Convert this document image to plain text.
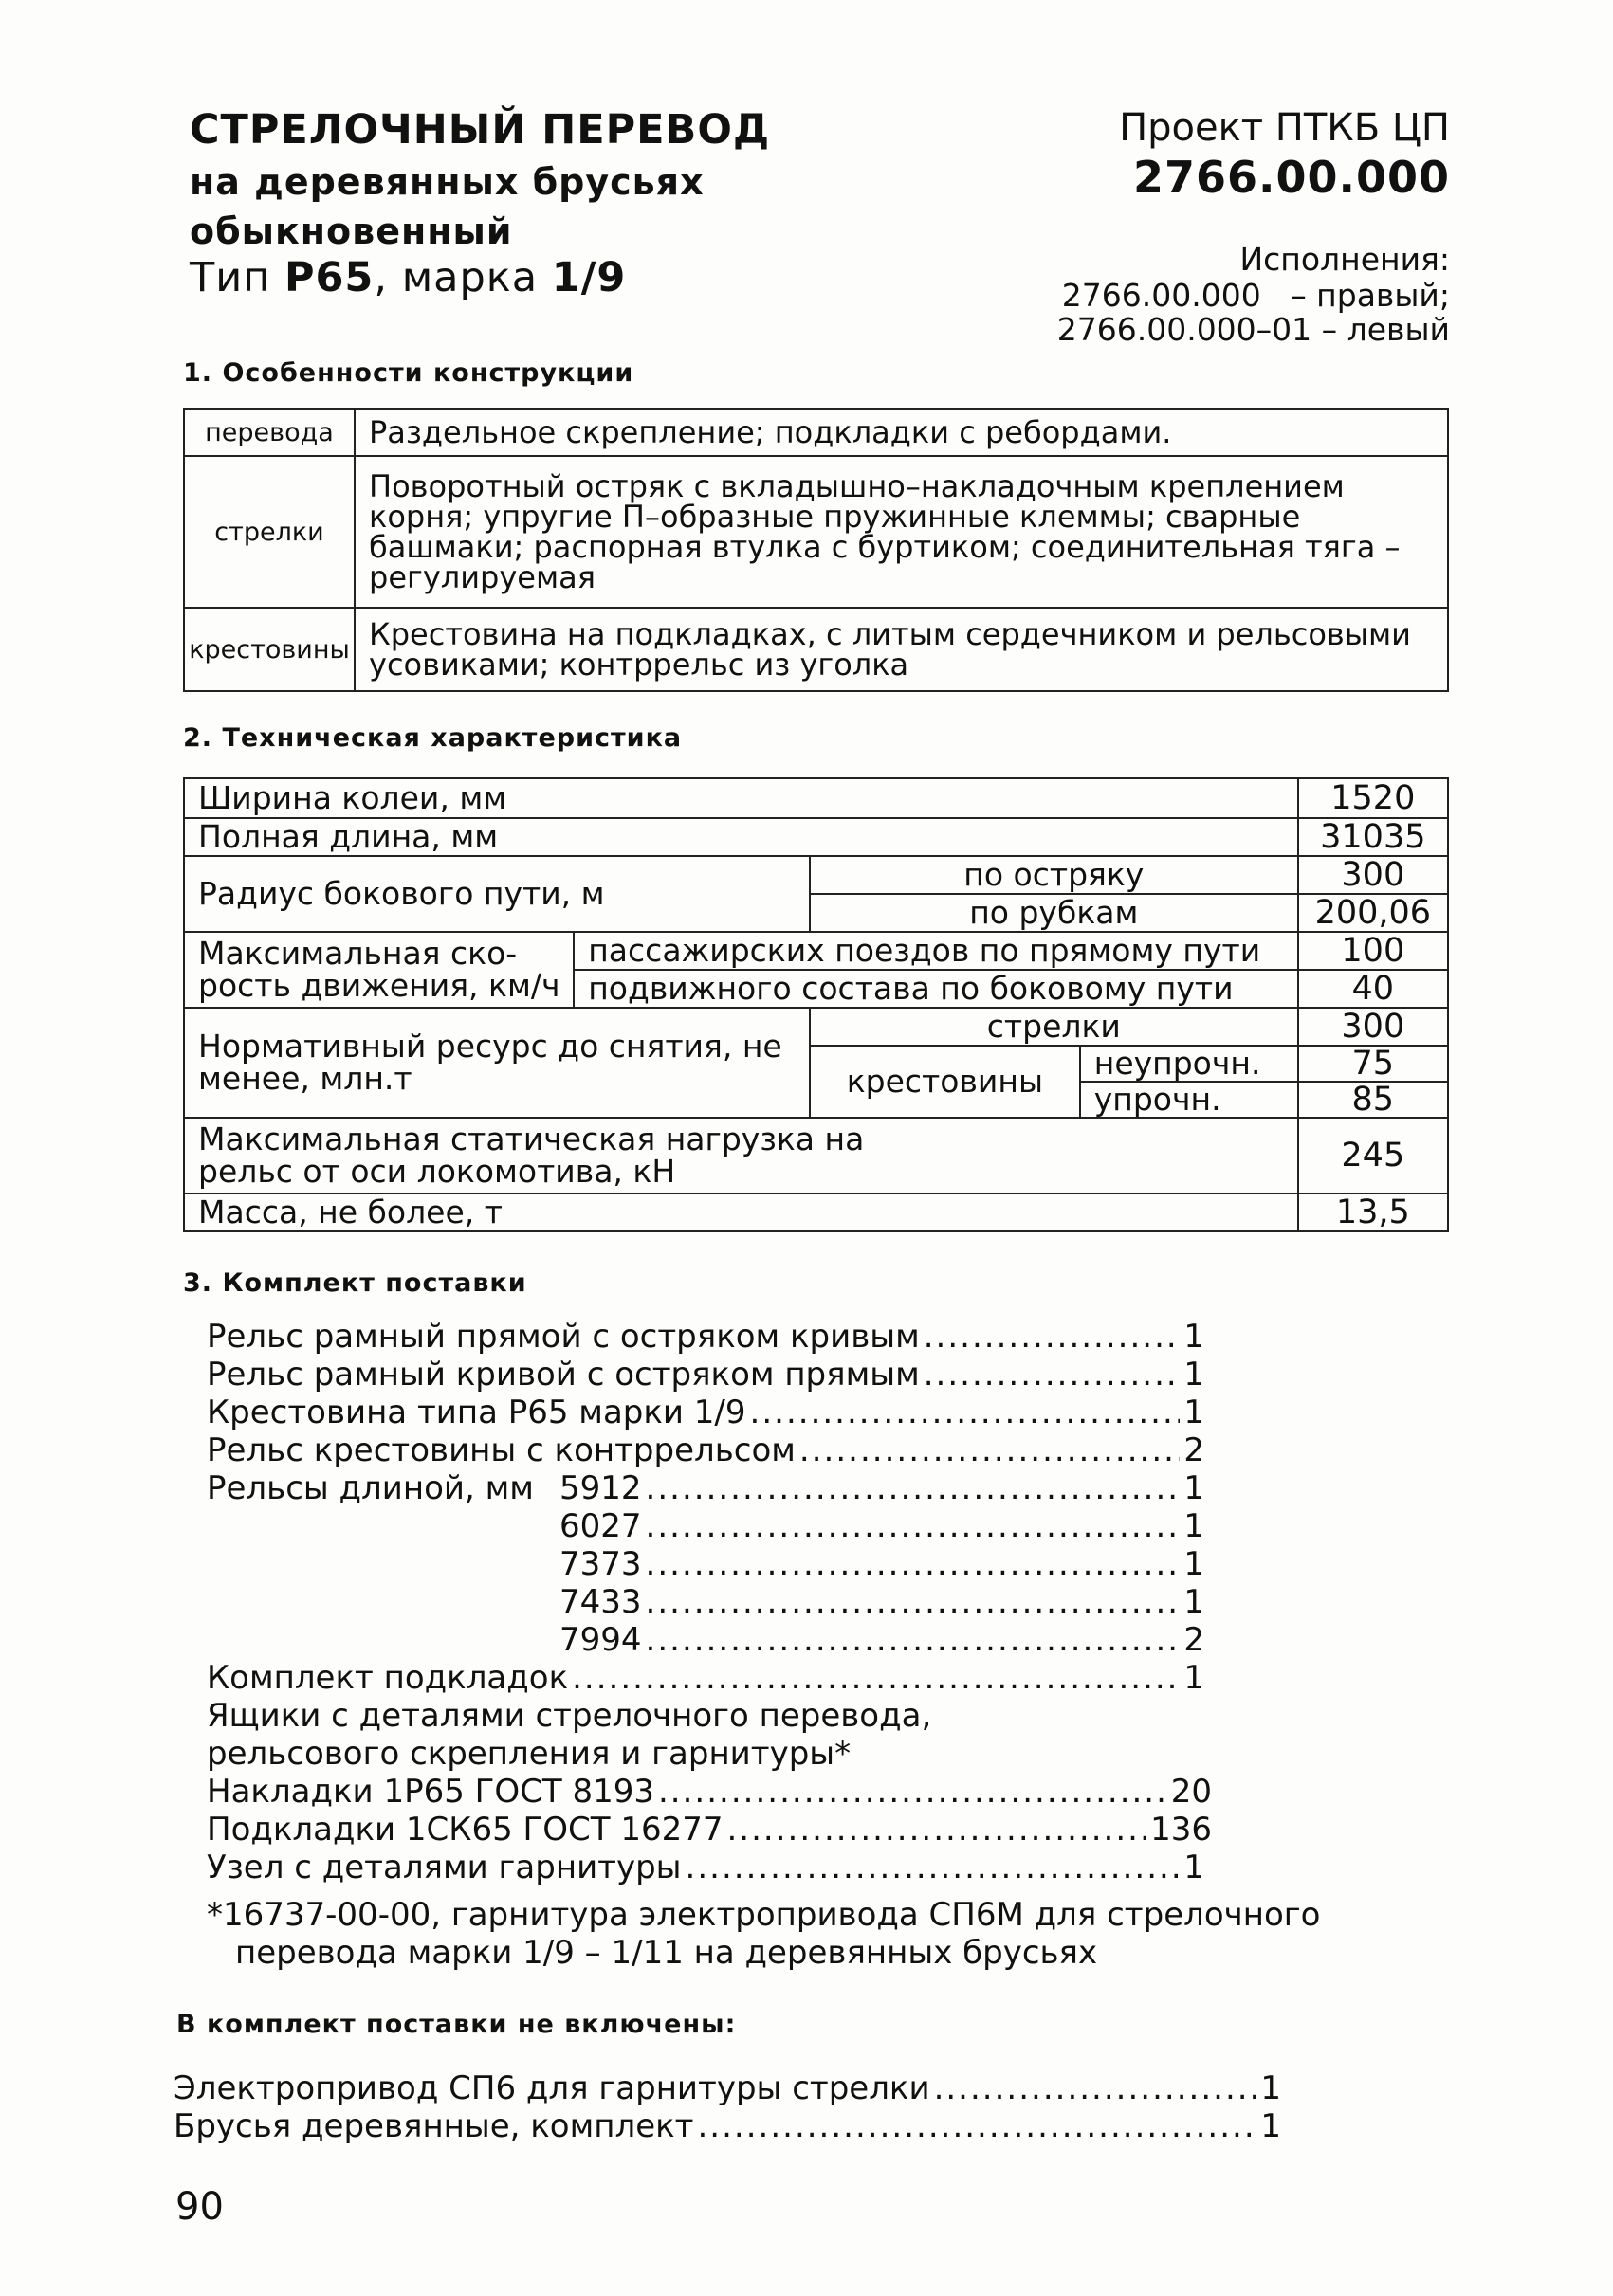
СТРЕЛОЧНЫЙ ПЕРЕВОД
на деревянных брусьях
обыкновенный
Тип Р65, марка 1/9
Проект ПТКБ ЦП
2766.00.000
Исполнения:
2766.00.000   – правый;
2766.00.000–01 – левый
1. Особенности конструкции
перевода	Раздельное скрепление; подкладки с ребордами.
стрелки	Поворотный остряк с вкладышно–накладочным креплением корня; упругие П–образные пружинные клеммы; сварные башмаки; распорная втулка с буртиком; соединительная тяга – регулируемая
крестовины	Крестовина на подкладках, с литым сердечником и рельсовыми усовиками; контррельс из уголка
2. Техническая характеристика
Ширина колеи, мм				1520
Полная длина, мм				31035
Радиус бокового пути, м		по остряку		300
		по рубкам		200,06
Максимальная ско- рость движения, км/ч	пассажирских поездов по прямому пути			100
	подвижного состава по боковому пути			40
Нормативный ресурс до снятия, не менее, млн.т		стрелки		300
		крестовины	неупрочн.	75
			упрочн.	85
Максимальная статическая нагрузка на рельс от оси локомотива, кН				245
Масса, не более, т				13,5
3. Комплект поставки
Рельс рамный прямой с остряком кривым .....	1
Рельс рамный кривой с остряком прямым .....	1
Крестовина типа Р65 марки 1/9 .....	1
Рельс крестовины с контррельсом .....	2
Рельсы длиной, мм 5912 .....	1
6027 .....	1
7373 .....	1
7433 .....	1
7994 .....	2
Комплект подкладок .....	1
Ящики с деталями стрелочного перевода,
рельсового скрепления и гарнитуры*
Накладки 1Р65 ГОСТ 8193 .....	20
Подкладки 1СК65 ГОСТ 16277 .....	136
Узел с деталями гарнитуры .....	1
*16737-00-00, гарнитура электропривода СП6М для стрелочного
перевода марки 1/9 – 1/11 на деревянных брусьях
В комплект поставки не включены:
Электропривод СП6 для гарнитуры стрелки .....	1
Брусья деревянные, комплект .....	1
90
